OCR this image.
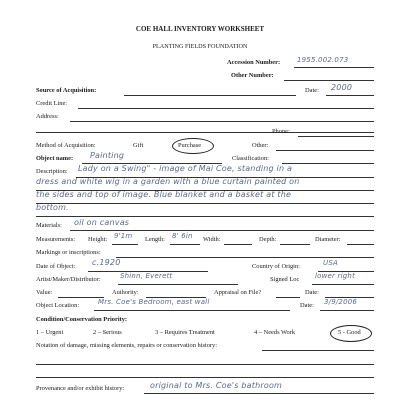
COE HALL INVENTORY WORKSHEET
PLANTING FIELDS FOUNDATION
Accession Number: 1955.002.073
Other Number:
Source of Acquisition:	Date: 2000
Credit Line:
Address:
Phone:
Method of Acquisition:	Gift	Purchase	Other:
Object name: Painting	Classification:
Description: Lady on a Swing" - image of Mai Coe, standing in a
dress and white wig in a garden with a blue curtain painted on
the sides and top of image. Blue blanket and a basket at the
bottom.
Materials: oil on canvas
Measurements: Height: 9'1m Length: 8' 6in Width:	Depth:	Diameter:
Markings or inscriptions:
Date of Object: c.1920	Country of Origin:	USA
Artist/Maker/Distributor:	Shinn, Everett	Signed Loc lower right
Value:	Authority:	Appraisal on File?	Date:
Object Location:	Mrs. Coe's Bedroom, east wall	Date: 3/9/2006
Condition/Conservation Priority:
1 – Urgent	2 – Serious	3 – Requires Treatment	4 – Needs Work	5 - Good
Notation of damage, missing elements, repairs or conservation history:
Provenance and/or exhibit history:	original to Mrs. Coe's bathroom
